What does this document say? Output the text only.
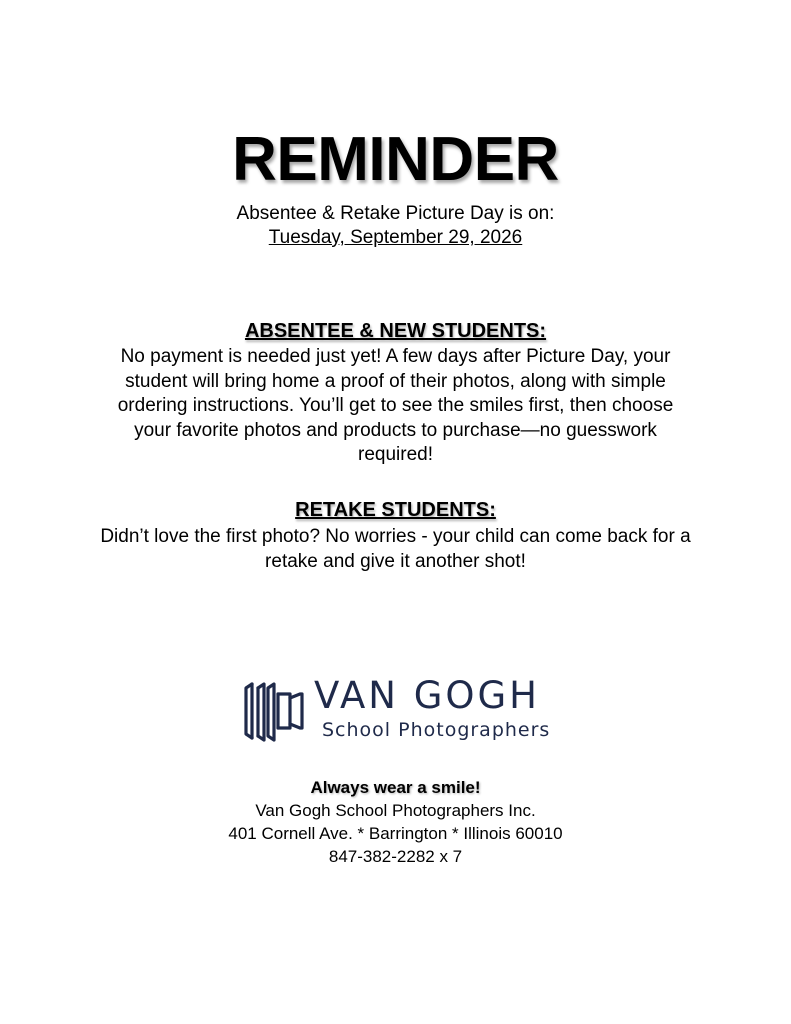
REMINDER
Absentee & Retake Picture Day is on:
Tuesday, September 29, 2026
ABSENTEE & NEW STUDENTS:
No payment is needed just yet! A few days after Picture Day, your student will bring home a proof of their photos, along with simple ordering instructions. You’ll get to see the smiles first, then choose your favorite photos and products to purchase—no guesswork required!
RETAKE STUDENTS:
Didn’t love the first photo? No worries - your child can come back for a retake and give it another shot!
VAN GOGH
School Photographers
Always wear a smile!
Van Gogh School Photographers Inc.
401 Cornell Ave. * Barrington * Illinois 60010
847-382-2282 x 7
